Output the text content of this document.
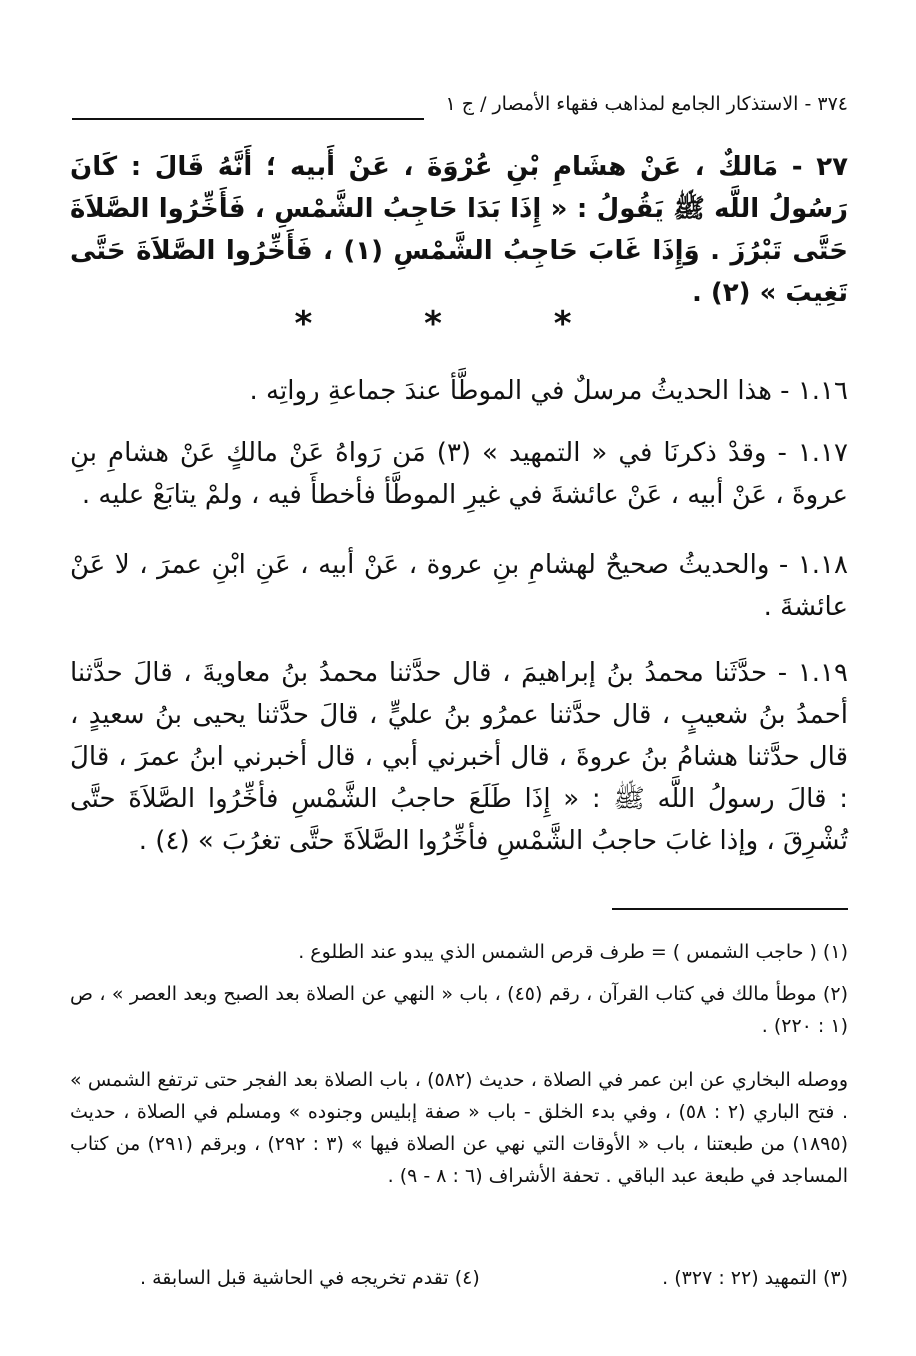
٣٧٤ - الاستذكار الجامع لمذاهب فقهاء الأمصار / ج ١
٢٧ - مَالكٌ ، عَنْ هشَامِ بْنِ عُرْوَةَ ، عَنْ أَبيه ؛ أَنَّهُ قَالَ : كَانَ رَسُولُ اللَّه ﷺ يَقُولُ : « إِذَا بَدَا حَاجِبُ الشَّمْسِ ، فَأَخِّرُوا الصَّلاَةَ حَتَّى تَبْرُزَ . وَإِذَا غَابَ حَاجِبُ الشَّمْسِ (١) ، فَأَخِّرُوا الصَّلاَةَ حَتَّى تَغِيبَ » (٢) .
* * *
١.١٦ - هذا الحديثُ مرسلٌ في الموطَّأ عندَ جماعةِ رواتِه .
١.١٧ - وقدْ ذكرنَا في « التمهيد » (٣) مَن رَواهُ عَنْ مالكٍ عَنْ هشامِ بنِ عروةَ ، عَنْ أبيه ، عَنْ عائشةَ في غيرِ الموطَّأ فأخطأَ فيه ، ولمْ يتابَعْ عليه .
١.١٨ - والحديثُ صحيحٌ لهشامِ بنِ عروة ، عَنْ أبيه ، عَنِ ابْنِ عمرَ ، لا عَنْ عائشةَ .
١.١٩ - حدَّثَنا محمدُ بنُ إبراهيمَ ، قال حدَّثنا محمدُ بنُ معاويةَ ، قالَ حدَّثنا أحمدُ بنُ شعيبٍ ، قال حدَّثنا عمرُو بنُ عليٍّ ، قالَ حدَّثنا يحيى بنُ سعيدٍ ، قال حدَّثنا هشامُ بنُ عروةَ ، قال أخبرني أبي ، قال أخبرني ابنُ عمرَ ، قالَ : قالَ رسولُ اللَّه ﷺ : « إِذَا طَلَعَ حاجبُ الشَّمْسِ فأخِّرُوا الصَّلاَةَ حتَّى تُشْرِقَ ، وإذا غابَ حاجبُ الشَّمْسِ فأخِّرُوا الصَّلاَةَ حتَّى تغرُبَ » (٤) .
(١) ( حاجب الشمس ) = طرف قرص الشمس الذي يبدو عند الطلوع .
(٢) موطأ مالك في كتاب القرآن ، رقم (٤٥) ، باب « النهي عن الصلاة بعد الصبح وبعد العصر » ، ص (١ : ٢٢٠) .
ووصله البخاري عن ابن عمر في الصلاة ، حديث (٥٨٢) ، باب الصلاة بعد الفجر حتى ترتفع الشمس » . فتح الباري (٢ : ٥٨) ، وفي بدء الخلق - باب « صفة إبليس وجنوده » ومسلم في الصلاة ، حديث (١٨٩٥) من طبعتنا ، باب « الأوقات التي نهي عن الصلاة فيها » (٣ : ٢٩٢) ، وبرقم (٢٩١) من كتاب المساجد في طبعة عبد الباقي . تحفة الأشراف (٦ : ٨ - ٩) .
(٣) التمهيد (٢٢ : ٣٢٧) .
(٤) تقدم تخريجه في الحاشية قبل السابقة .
